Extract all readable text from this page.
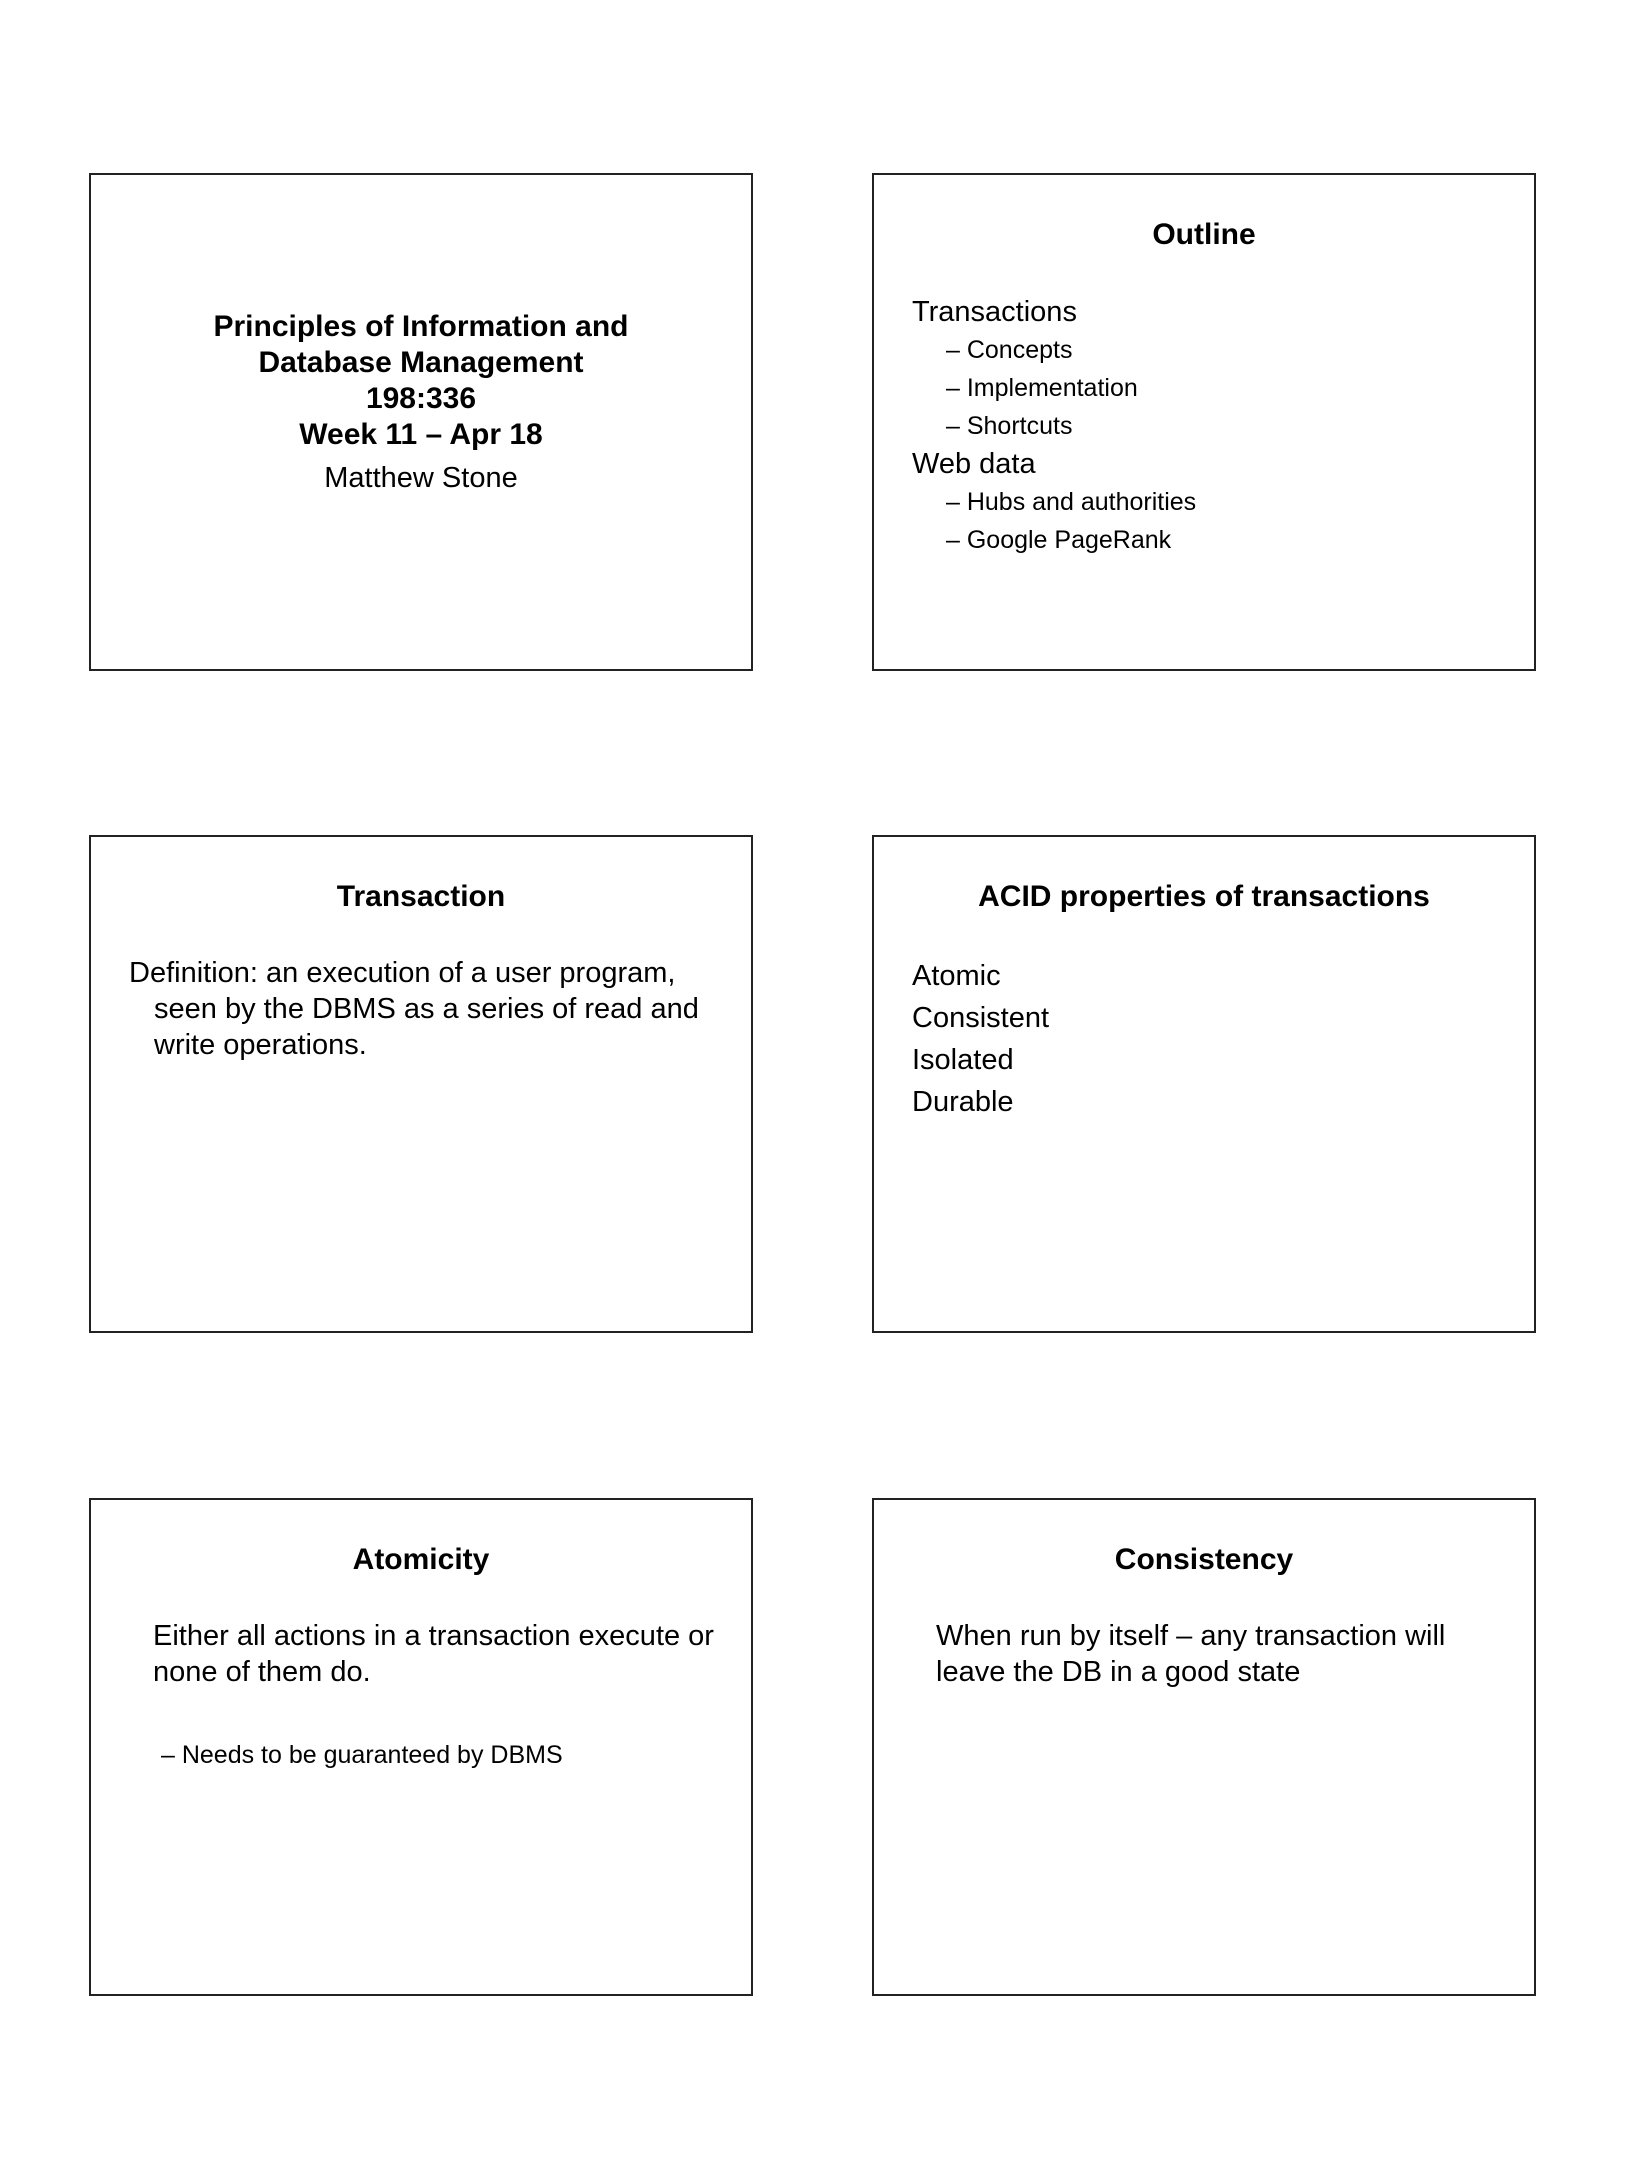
Principles of Information and
Database Management
198:336
Week 11 – Apr 18
Matthew Stone
Outline
Transactions
– Concepts
– Implementation
– Shortcuts
Web data
– Hubs and authorities
– Google PageRank
Transaction
Definition: an execution of a user program, seen by the DBMS as a series of read and write operations.
ACID properties of transactions
Atomic
Consistent
Isolated
Durable
Atomicity
Either all actions in a transaction execute or none of them do.
– Needs to be guaranteed by DBMS
Consistency
When run by itself – any transaction will leave the DB in a good state
